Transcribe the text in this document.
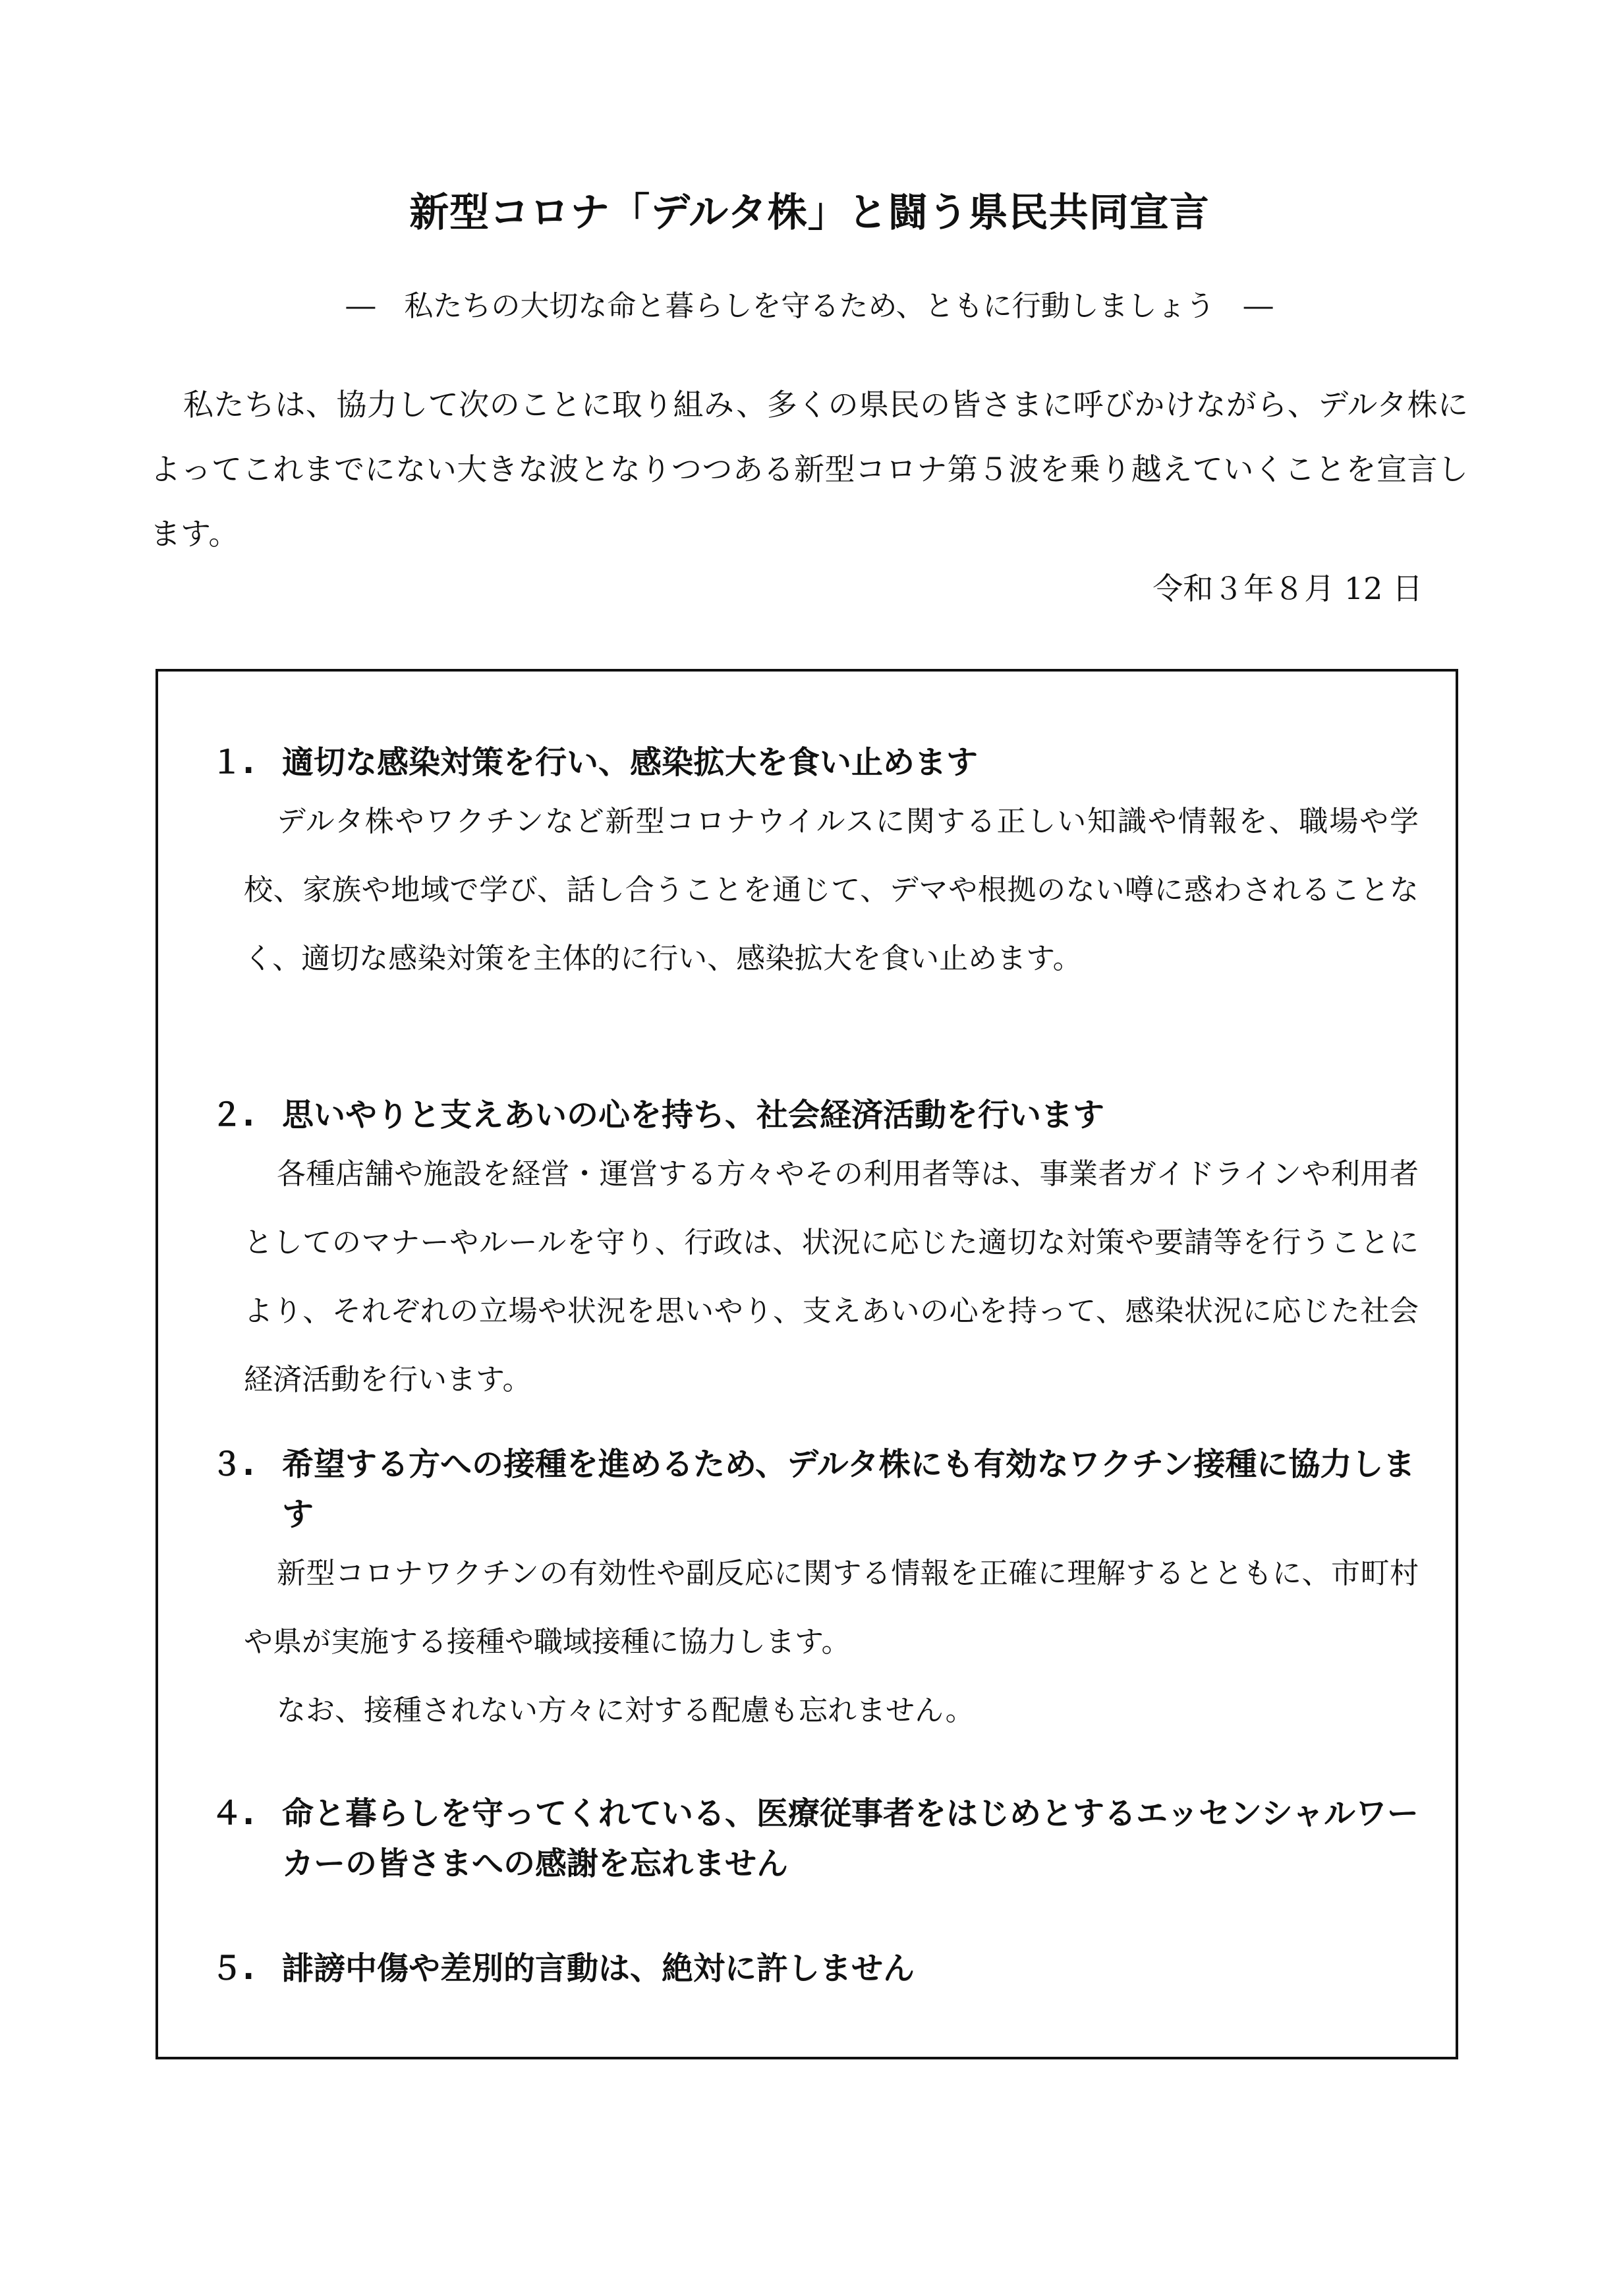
新型コロナ「デルタ株」と闘う県民共同宣言

―　私たちの大切な命と暮らしを守るため、ともに行動しましょう　―

私たちは、協力して次のことに取り組み、多くの県民の皆さまに呼びかけながら、デルタ株によってこれまでにない大きな波となりつつある新型コロナ第５波を乗り越えていくことを宣言します。

令和３年８月 12 日

１. 適切な感染対策を行い、感染拡大を食い止めます

デルタ株やワクチンなど新型コロナウイルスに関する正しい知識や情報を、職場や学校、家族や地域で学び、話し合うことを通じて、デマや根拠のない噂に惑わされることなく、適切な感染対策を主体的に行い、感染拡大を食い止めます。

２. 思いやりと支えあいの心を持ち、社会経済活動を行います

各種店舗や施設を経営・運営する方々やその利用者等は、事業者ガイドラインや利用者としてのマナーやルールを守り、行政は、状況に応じた適切な対策や要請等を行うことにより、それぞれの立場や状況を思いやり、支えあいの心を持って、感染状況に応じた社会経済活動を行います。

３. 希望する方への接種を進めるため、デルタ株にも有効なワクチン接種に協力します

新型コロナワクチンの有効性や副反応に関する情報を正確に理解するとともに、市町村や県が実施する接種や職域接種に協力します。

なお、接種されない方々に対する配慮も忘れません。

４. 命と暮らしを守ってくれている、医療従事者をはじめとするエッセンシャルワーカーの皆さまへの感謝を忘れません
５. 誹謗中傷や差別的言動は、絶対に許しません
